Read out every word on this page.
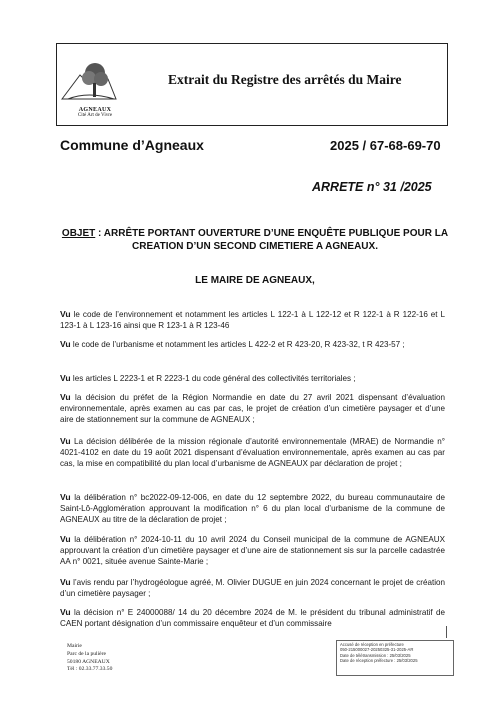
AGNEAUX
Cité Art de Vivre
Extrait du Registre des arrêtés du Maire
Commune d’Agneaux	2025 / 67-68-69-70
ARRETE n° 31 /2025
OBJET : ARRÊTE PORTANT OUVERTURE D’UNE ENQUÊTE PUBLIQUE POUR LA CREATION D’UN SECOND CIMETIERE A AGNEAUX.
LE MAIRE DE AGNEAUX,
Vu le code de l’environnement et notamment les articles L 122-1 à L 122-12 et R 122-1 à R 122-16 et L 123-1 à L 123-16 ainsi que R 123-1 à R 123-46
Vu le code de l’urbanisme et notamment les articles L 422-2 et R 423-20, R 423-32, t R 423-57 ;
Vu les articles L 2223-1 et R 2223-1 du code général des collectivités territoriales ;
Vu la décision du préfet de la Région Normandie en date du 27 avril 2021 dispensant d’évaluation environnementale, après examen au cas par cas, le projet de création d’un cimetière paysager et d’une aire de stationnement sur la commune de AGNEAUX ;
Vu La décision délibérée de la mission régionale d’autorité environnementale (MRAE) de Normandie n° 4021-4102 en date du 19 août 2021 dispensant d’évaluation environnementale, après examen au cas par cas, la mise en compatibilité du plan local d’urbanisme de AGNEAUX par déclaration de projet ;
Vu la délibération n° bc2022-09-12-006, en date du 12 septembre 2022, du bureau communautaire de Saint-Lô-Agglomération approuvant la modification n° 6 du plan local d’urbanisme de la commune de AGNEAUX au titre de la déclaration de projet ;
Vu la délibération n° 2024-10-11 du 10 avril 2024 du Conseil municipal de la commune de AGNEAUX approuvant la création d’un cimetière paysager et d’une aire de stationnement sis sur la parcelle cadastrée AA n° 0021, située avenue Sainte-Marie ;
Vu l’avis rendu par l’hydrogéologue agréé, M. Olivier DUGUE en juin 2024 concernant le projet de création d’un cimetière paysager ;
Vu la décision n° E 24000088/ 14 du 20 décembre 2024 de M. le président du tribunal administratif de CAEN portant désignation d’un commissaire enquêteur et d’un commissaire
Mairie
Parc de la pulière
50180 AGNEAUX
Tél : 02.33.77.33.50
Accusé de réception en préfecture
050-215000027-20250325-31-2025-AR
Date de télétransmission : 25/03/2025
Date de réception préfecture : 25/03/2025
